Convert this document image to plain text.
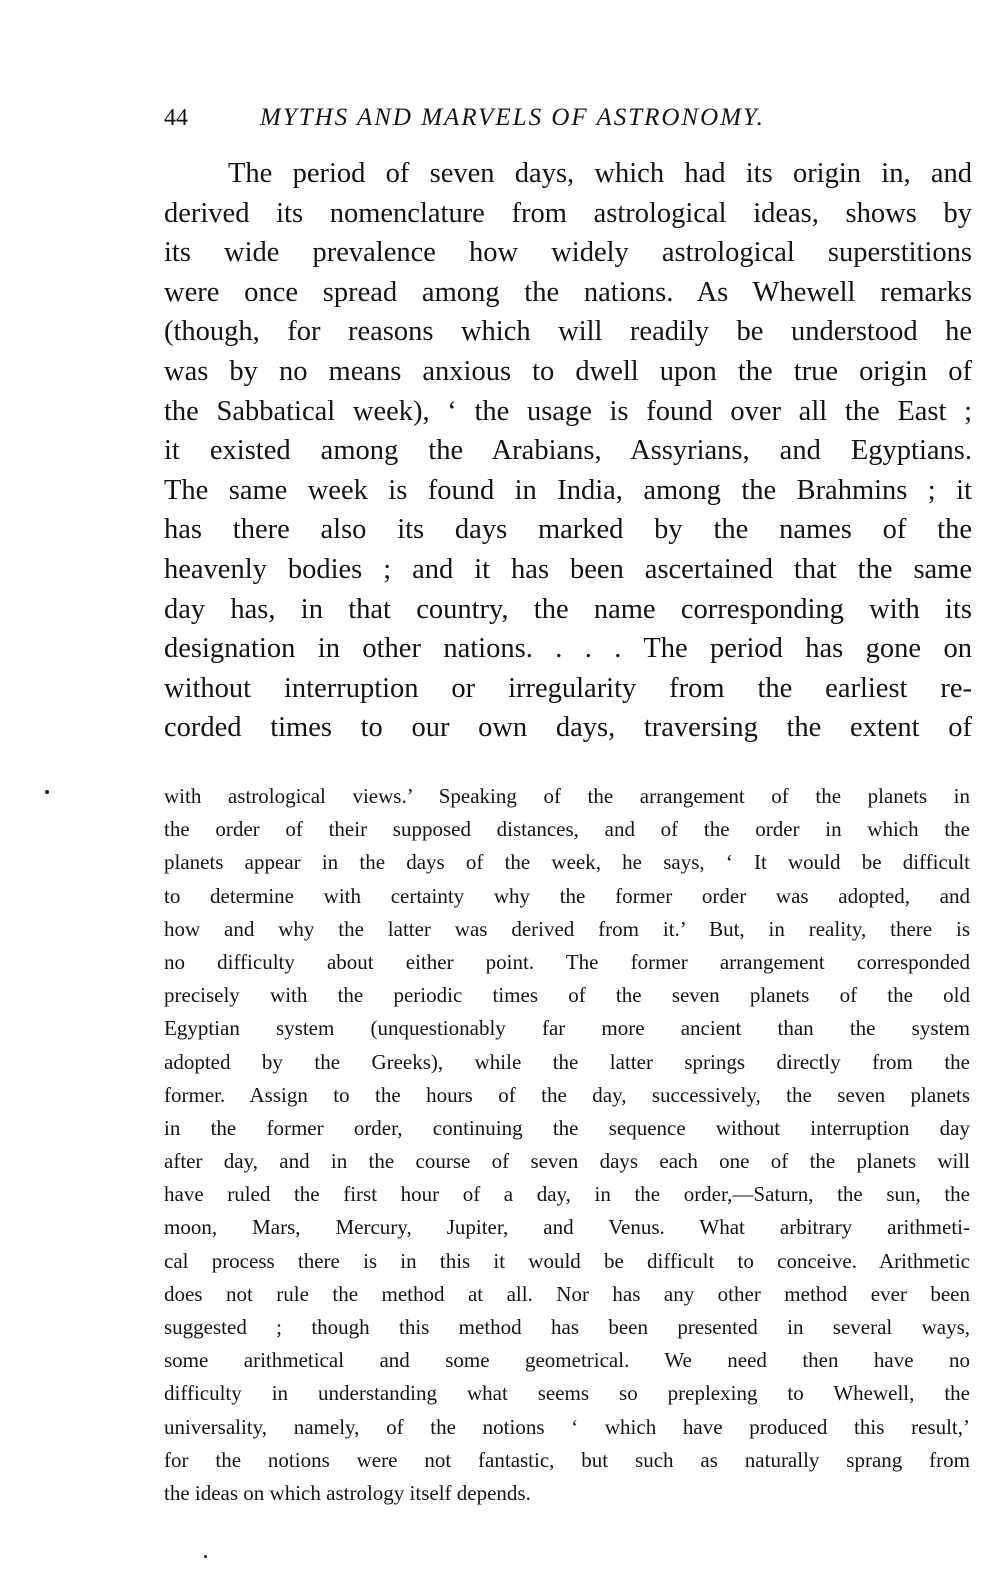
44	MYTHS AND MARVELS OF ASTRONOMY.
The period of seven days, which had its origin in, and
derived its nomenclature from astrological ideas, shows by
its wide prevalence how widely astrological superstitions
were once spread among the nations. As Whewell remarks
(though, for reasons which will readily be understood he
was by no means anxious to dwell upon the true origin of
the Sabbatical week), ‘ the usage is found over all the East ;
it existed among the Arabians, Assyrians, and Egyptians.
The same week is found in India, among the Brahmins ; it
has there also its days marked by the names of the
heavenly bodies ; and it has been ascertained that the same
day has, in that country, the name corresponding with its
designation in other nations. . . . The period has gone on
without interruption or irregularity from the earliest re-
corded times to our own days, traversing the extent of
with astrological views.’ Speaking of the arrangement of the planets in
the order of their supposed distances, and of the order in which the
planets appear in the days of the week, he says, ‘ It would be difficult
to determine with certainty why the former order was adopted, and
how and why the latter was derived from it.’ But, in reality, there is
no difficulty about either point. The former arrangement corresponded
precisely with the periodic times of the seven planets of the old
Egyptian system (unquestionably far more ancient than the system
adopted by the Greeks), while the latter springs directly from the
former. Assign to the hours of the day, successively, the seven planets
in the former order, continuing the sequence without interruption day
after day, and in the course of seven days each one of the planets will
have ruled the first hour of a day, in the order,—Saturn, the sun, the
moon, Mars, Mercury, Jupiter, and Venus. What arbitrary arithmeti-
cal process there is in this it would be difficult to conceive. Arithmetic
does not rule the method at all. Nor has any other method ever been
suggested ; though this method has been presented in several ways,
some arithmetical and some geometrical. We need then have no
difficulty in understanding what seems so preplexing to Whewell, the
universality, namely, of the notions ‘ which have produced this result,’
for the notions were not fantastic, but such as naturally sprang from
the ideas on which astrology itself depends.
